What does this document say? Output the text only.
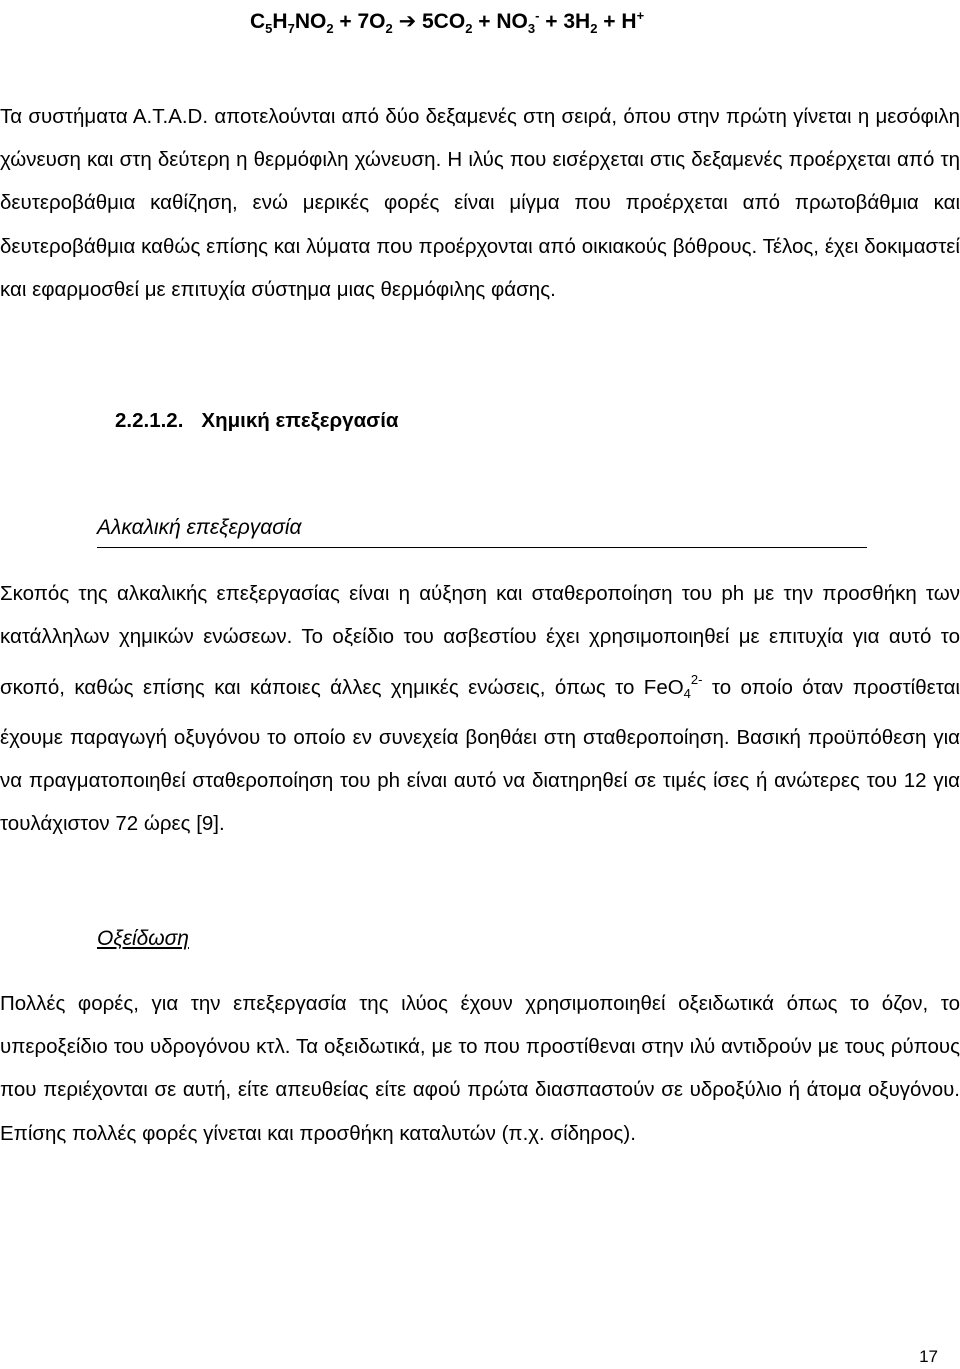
$C_5H_7NO_2 + 7O_2$ ➔ $5CO_2 + NO_3^- + 3H_2 + H^+$

Τα συστήματα Α.Τ.Α.D. αποτελούνται από δύο δεξαμενές στη σειρά, όπου στην πρώτη γίνεται η μεσόφιλη χώνευση και στη δεύτερη η θερμόφιλη χώνευση. Η ιλύς που εισέρχεται στις δεξαμενές προέρχεται από τη δευτεροβάθμια καθίζηση, ενώ μερικές φορές είναι μίγμα που προέρχεται από πρωτοβάθμια και δευτεροβάθμια καθώς επίσης και λύματα που προέρχονται από οικιακούς βόθρους. Τέλος, έχει δοκιμαστεί και εφαρμοσθεί με επιτυχία σύστημα μιας θερμόφιλης φάσης.

2.2.1.2. Χημική επεξεργασία
Αλκαλική επεξεργασία

Σκοπός της αλκαλικής επεξεργασίας είναι η αύξηση και σταθεροποίηση του ph με την προσθήκη των κατάλληλων χημικών ενώσεων. Το οξείδιο του ασβεστίου έχει χρησιμοποιηθεί με επιτυχία για αυτό το σκοπό, καθώς επίσης και κάποιες άλλες χημικές ενώσεις, όπως το FeO$_4^{2-}$ το οποίο όταν προστίθεται έχουμε παραγωγή οξυγόνου το οποίο εν συνεχεία βοηθάει στη σταθεροποίηση. Βασική προϋπόθεση για να πραγματοποιηθεί σταθεροποίηση του ph είναι αυτό να διατηρηθεί σε τιμές ίσες ή ανώτερες του 12 για τουλάχιστον 72 ώρες [9].

Οξείδωση

Πολλές φορές, για την επεξεργασία της ιλύος έχουν χρησιμοποιηθεί οξειδωτικά όπως το όζον, το υπεροξείδιο του υδρογόνου κτλ. Τα οξειδωτικά, με το που προστίθεναι στην ιλύ αντιδρούν με τους ρύπους που περιέχονται σε αυτή, είτε απευθείας είτε αφού πρώτα διασπαστούν σε υδροξύλιο ή άτομα οξυγόνου. Επίσης πολλές φορές γίνεται και προσθήκη καταλυτών (π.χ. σίδηρος).

17
